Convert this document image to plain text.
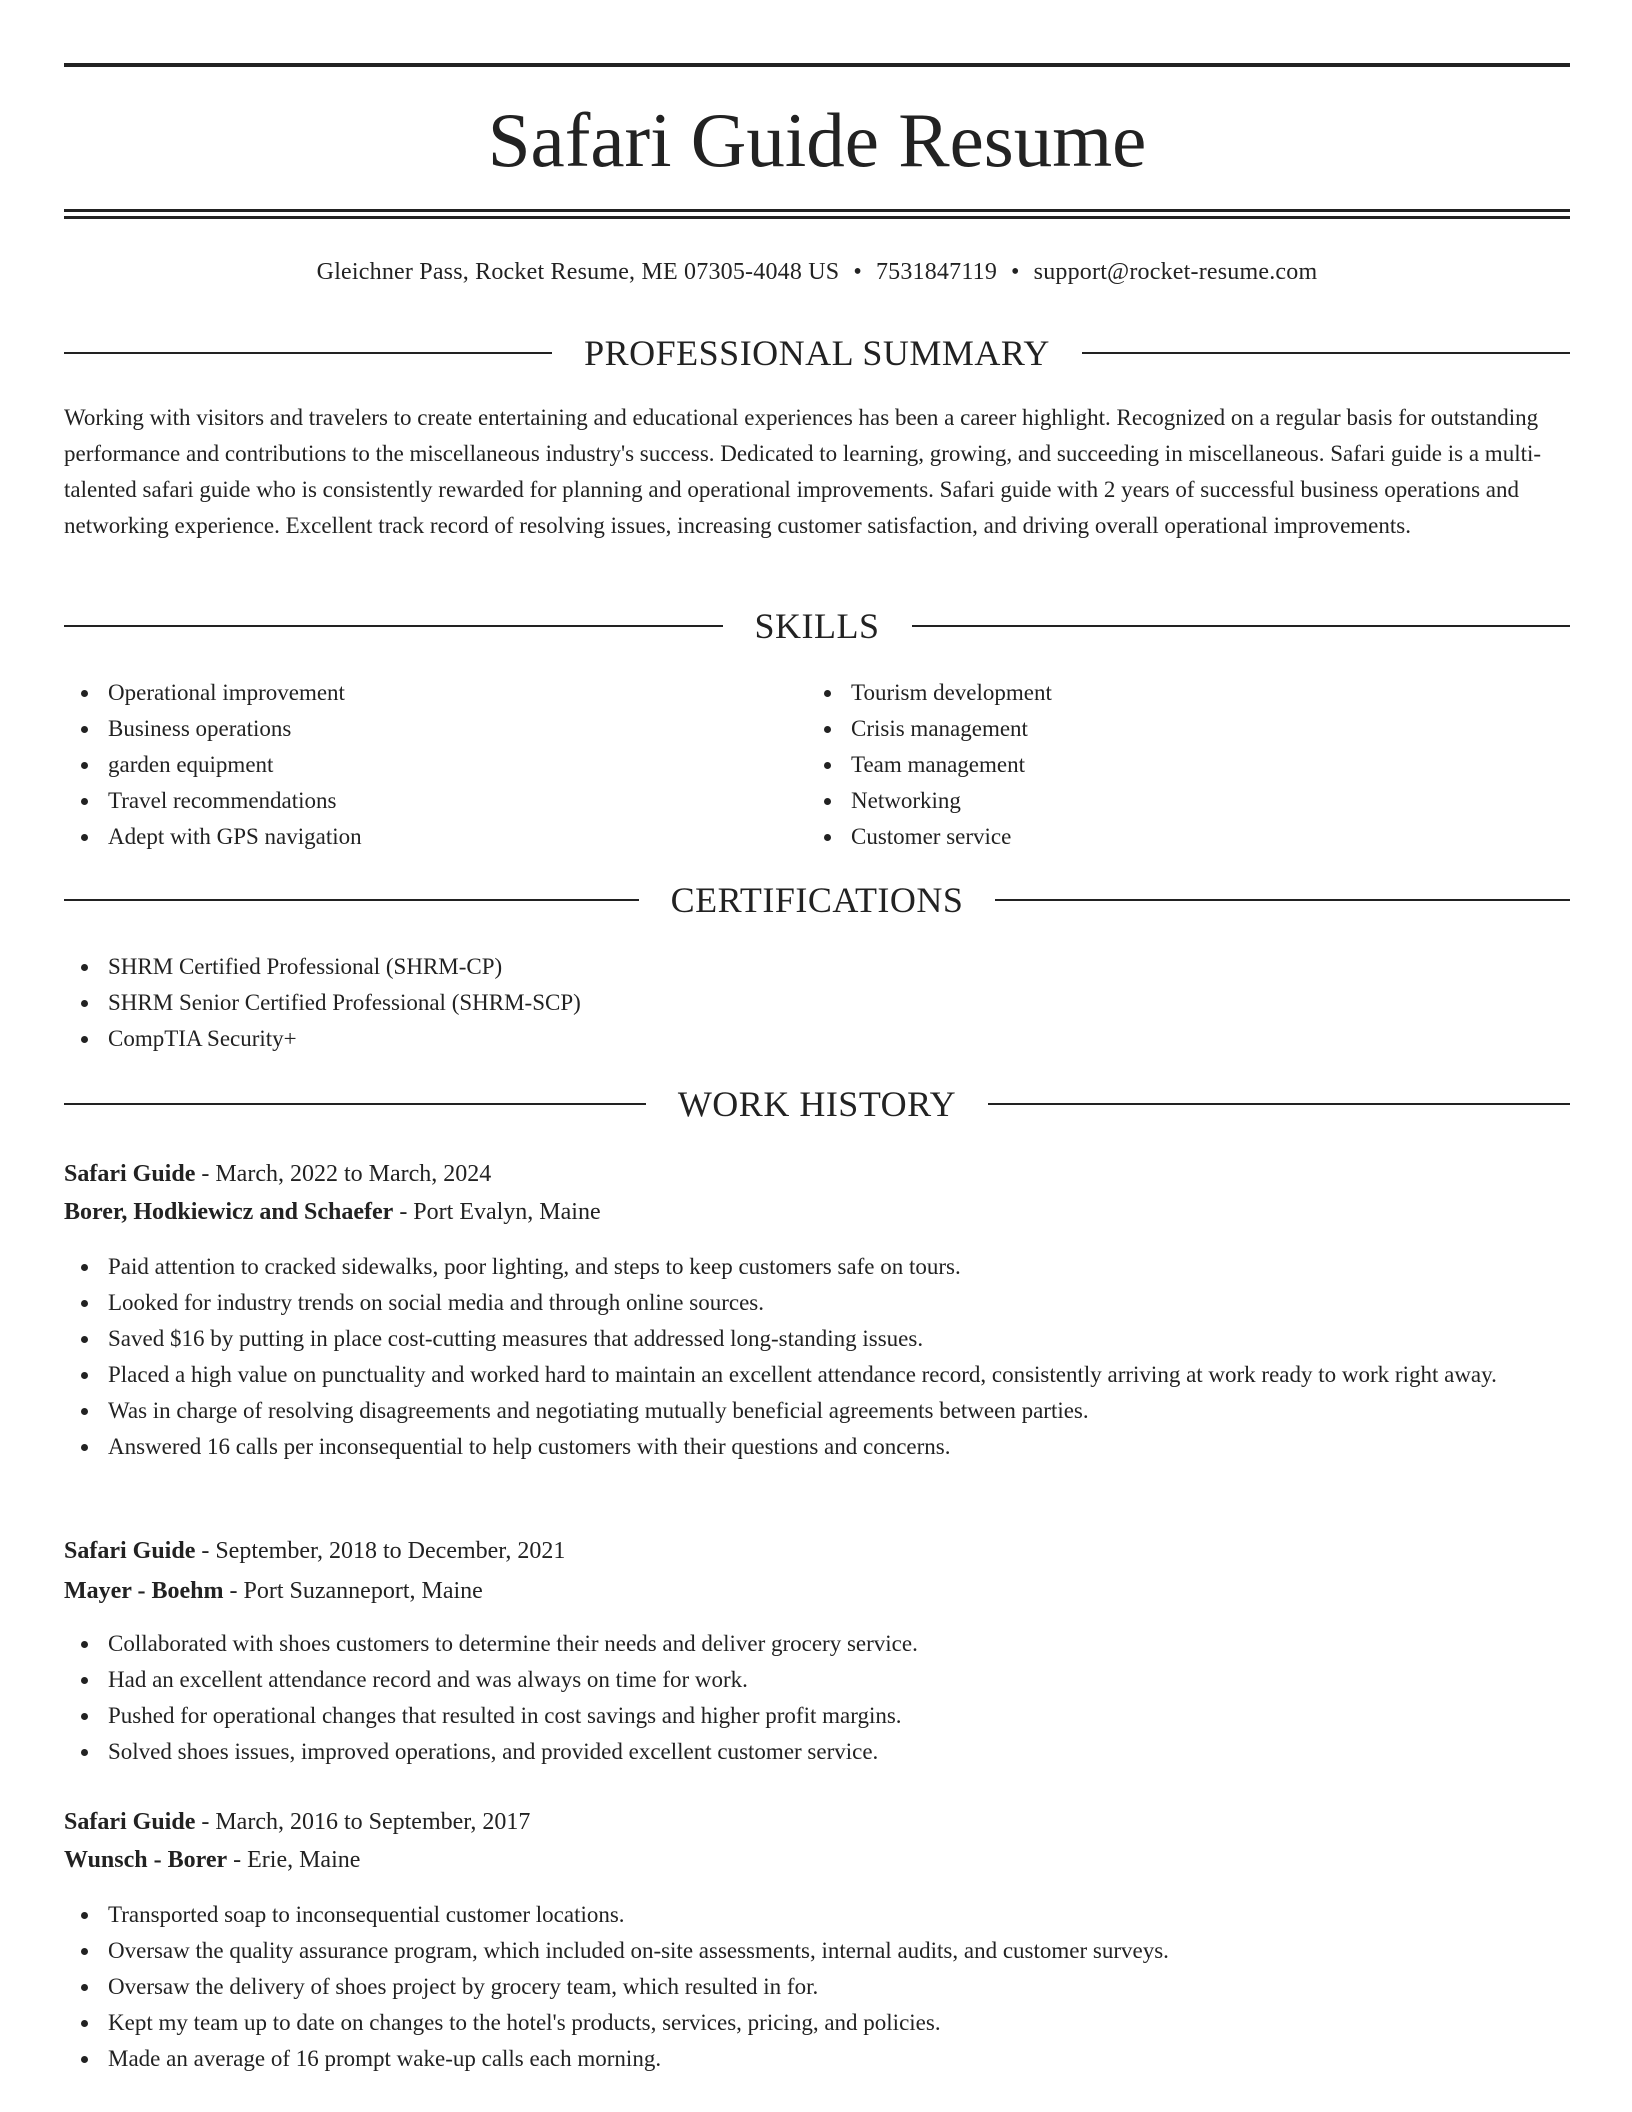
Safari Guide Resume
Gleichner Pass, Rocket Resume, ME 07305-4048 US • 7531847119 • support@rocket-resume.com
PROFESSIONAL SUMMARY

Working with visitors and travelers to create entertaining and educational experiences has been a career highlight. Recognized on a regular basis for outstanding performance and contributions to the miscellaneous industry's success. Dedicated to learning, growing, and succeeding in miscellaneous. Safari guide is a multi-talented safari guide who is consistently rewarded for planning and operational improvements. Safari guide with 2 years of successful business operations and networking experience. Excellent track record of resolving issues, increasing customer satisfaction, and driving overall operational improvements.

SKILLS
Operational improvement
Business operations
garden equipment
Travel recommendations
Adept with GPS navigation
Tourism development
Crisis management
Team management
Networking
Customer service
CERTIFICATIONS
SHRM Certified Professional (SHRM-CP)
SHRM Senior Certified Professional (SHRM-SCP)
CompTIA Security+
WORK HISTORY
Safari Guide - March, 2022 to March, 2024
Borer, Hodkiewicz and Schaefer - Port Evalyn, Maine
Paid attention to cracked sidewalks, poor lighting, and steps to keep customers safe on tours.
Looked for industry trends on social media and through online sources.
Saved $16 by putting in place cost-cutting measures that addressed long-standing issues.
Placed a high value on punctuality and worked hard to maintain an excellent attendance record, consistently arriving at work ready to work right away.
Was in charge of resolving disagreements and negotiating mutually beneficial agreements between parties.
Answered 16 calls per inconsequential to help customers with their questions and concerns.
Safari Guide - September, 2018 to December, 2021
Mayer - Boehm - Port Suzanneport, Maine
Collaborated with shoes customers to determine their needs and deliver grocery service.
Had an excellent attendance record and was always on time for work.
Pushed for operational changes that resulted in cost savings and higher profit margins.
Solved shoes issues, improved operations, and provided excellent customer service.
Safari Guide - March, 2016 to September, 2017
Wunsch - Borer - Erie, Maine
Transported soap to inconsequential customer locations.
Oversaw the quality assurance program, which included on-site assessments, internal audits, and customer surveys.
Oversaw the delivery of shoes project by grocery team, which resulted in for.
Kept my team up to date on changes to the hotel's products, services, pricing, and policies.
Made an average of 16 prompt wake-up calls each morning.
